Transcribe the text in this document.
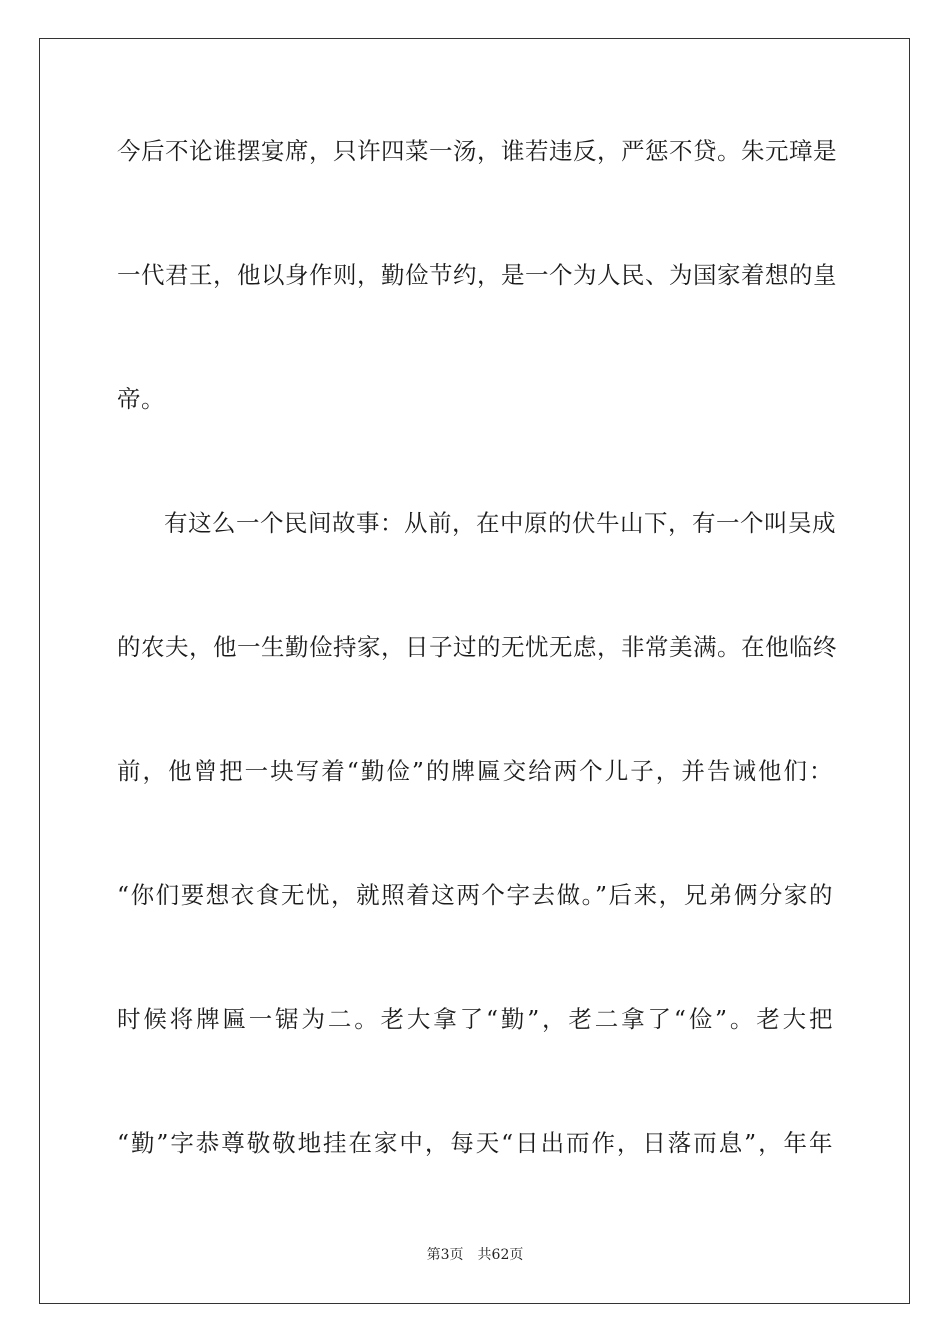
今后不论谁摆宴席，只许四菜一汤，谁若违反，严惩不贷。朱元璋是
一代君王，他以身作则，勤俭节约，是一个为人民、为国家着想的皇
帝。
有这么一个民间故事：从前，在中原的伏牛山下，有一个叫吴成
的农夫，他一生勤俭持家，日子过的无忧无虑，非常美满。在他临终
前，他曾把一块写着“勤俭”的牌匾交给两个儿子，并告诫他们：
“你们要想衣食无忧，就照着这两个字去做。”后来，兄弟俩分家的
时候将牌匾一锯为二。老大拿了“勤”，老二拿了“俭”。老大把
“勤”字恭尊敬敬地挂在家中，每天“日出而作，日落而息”，年年
第3页 共62页
